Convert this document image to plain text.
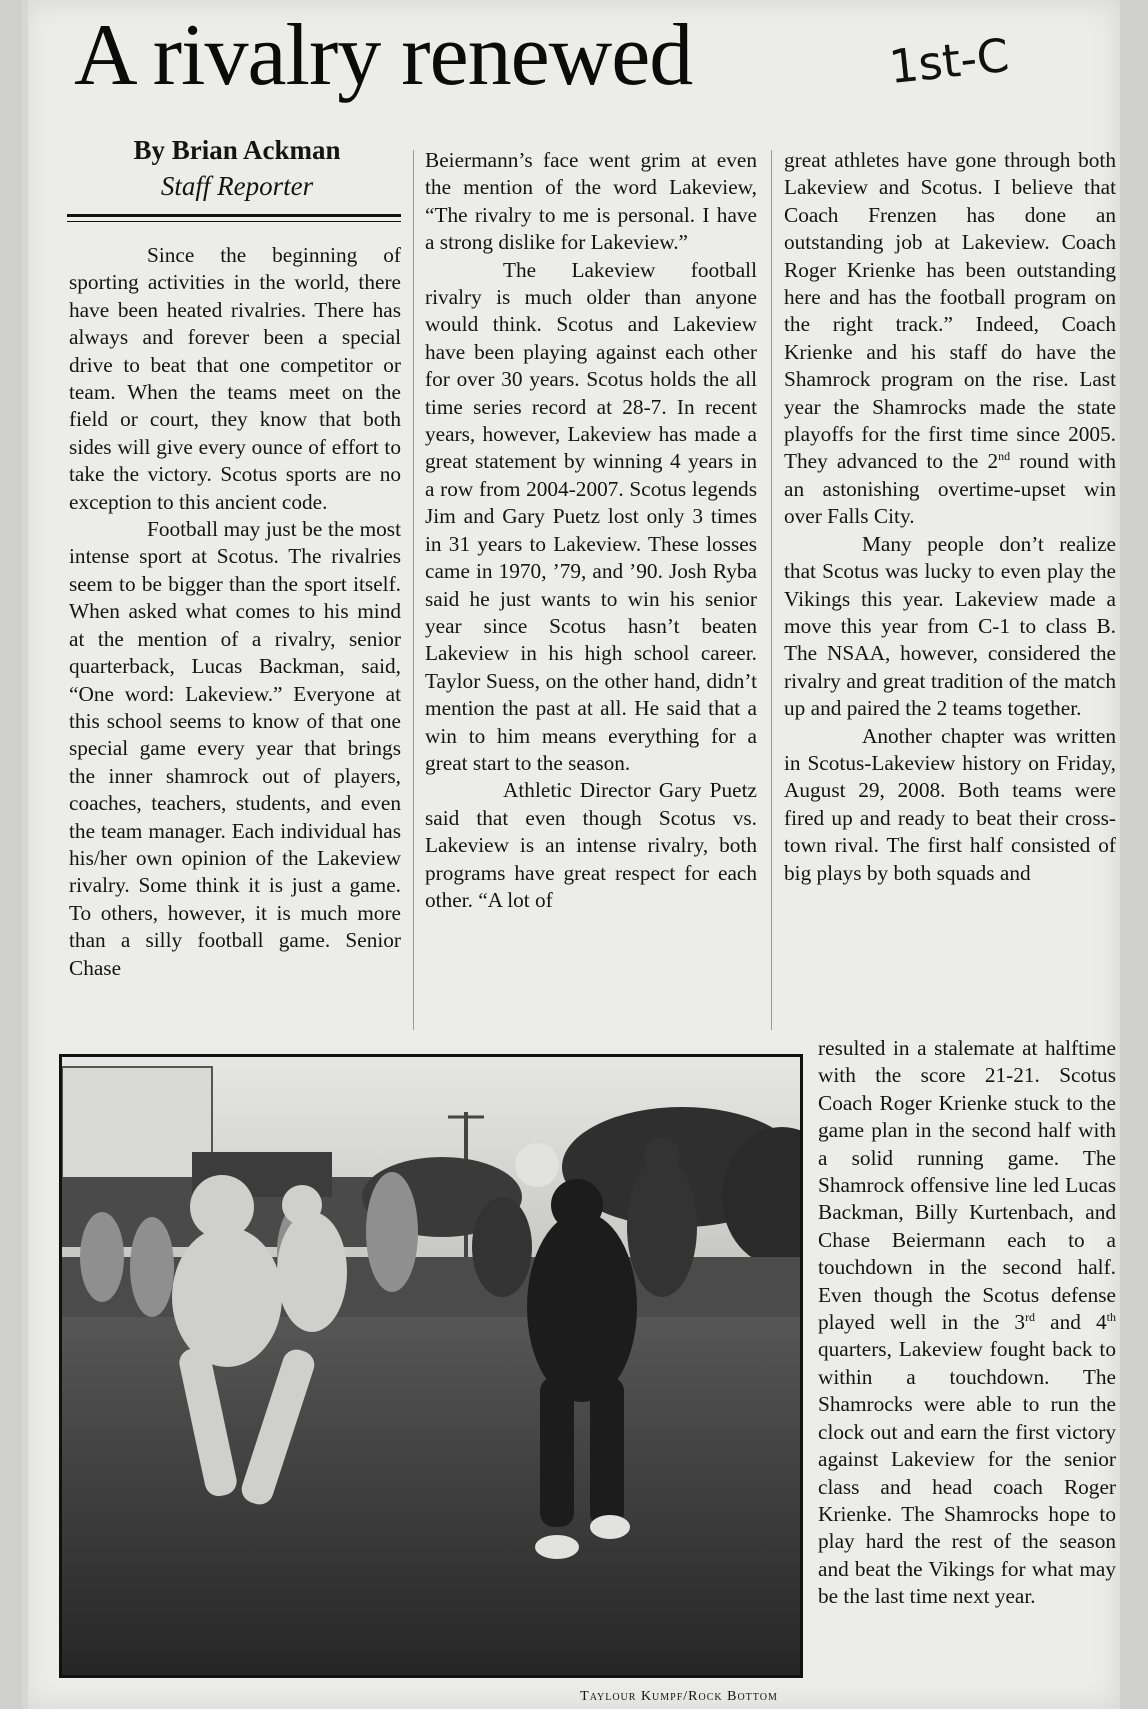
A rivalry renewed	1st-C
By Brian Ackman
Staff Reporter

Since the beginning of sporting activities in the world, there have been heated rivalries. There has always and forever been a special drive to beat that one competitor or team. When the teams meet on the field or court, they know that both sides will give every ounce of effort to take the victory. Scotus sports are no exception to this ancient code.

Football may just be the most intense sport at Scotus. The rivalries seem to be bigger than the sport itself. When asked what comes to his mind at the mention of a rivalry, senior quarterback, Lucas Backman, said, “One word: Lakeview.” Everyone at this school seems to know of that one special game every year that brings the inner shamrock out of players, coaches, teachers, students, and even the team manager. Each individual has his/her own opinion of the Lakeview rivalry. Some think it is just a game. To others, however, it is much more than a silly football game. Senior Chase

Beiermann’s face went grim at even the mention of the word Lakeview, “The rivalry to me is personal. I have a strong dislike for Lakeview.”

The Lakeview football rivalry is much older than anyone would think. Scotus and Lakeview have been playing against each other for over 30 years. Scotus holds the all time series record at 28-7. In recent years, however, Lakeview has made a great statement by winning 4 years in a row from 2004-2007. Scotus legends Jim and Gary Puetz lost only 3 times in 31 years to Lakeview. These losses came in 1970, ’79, and ’90. Josh Ryba said he just wants to win his senior year since Scotus hasn’t beaten Lakeview in his high school career. Taylor Suess, on the other hand, didn’t mention the past at all. He said that a win to him means everything for a great start to the season.

Athletic Director Gary Puetz said that even though Scotus vs. Lakeview is an intense rivalry, both programs have great respect for each other. “A lot of

great athletes have gone through both Lakeview and Scotus. I believe that Coach Frenzen has done an outstanding job at Lakeview. Coach Roger Krienke has been outstanding here and has the football program on the right track.” Indeed, Coach Krienke and his staff do have the Shamrock program on the rise. Last year the Shamrocks made the state playoffs for the first time since 2005. They advanced to the 2nd round with an astonishing overtime-upset win over Falls City.

Many people don’t realize that Scotus was lucky to even play the Vikings this year. Lakeview made a move this year from C-1 to class B. The NSAA, however, considered the rivalry and great tradition of the match up and paired the 2 teams together.

Another chapter was written in Scotus-Lakeview history on Friday, August 29, 2008. Both teams were fired up and ready to beat their cross-town rival. The first half consisted of big plays by both squads and

resulted in a stalemate at halftime with the score 21-21. Scotus Coach Roger Krienke stuck to the game plan in the second half with a solid running game. The Shamrock offensive line led Lucas Backman, Billy Kurtenbach, and Chase Beiermann each to a touchdown in the second half. Even though the Scotus defense played well in the 3rd and 4th quarters, Lakeview fought back to within a touchdown. The Shamrocks were able to run the clock out and earn the first victory against Lakeview for the senior class and head coach Roger Krienke. The Shamrocks hope to play hard the rest of the season and beat the Vikings for what may be the last time next year.

Taylour Kumpf/Rock Bottom
